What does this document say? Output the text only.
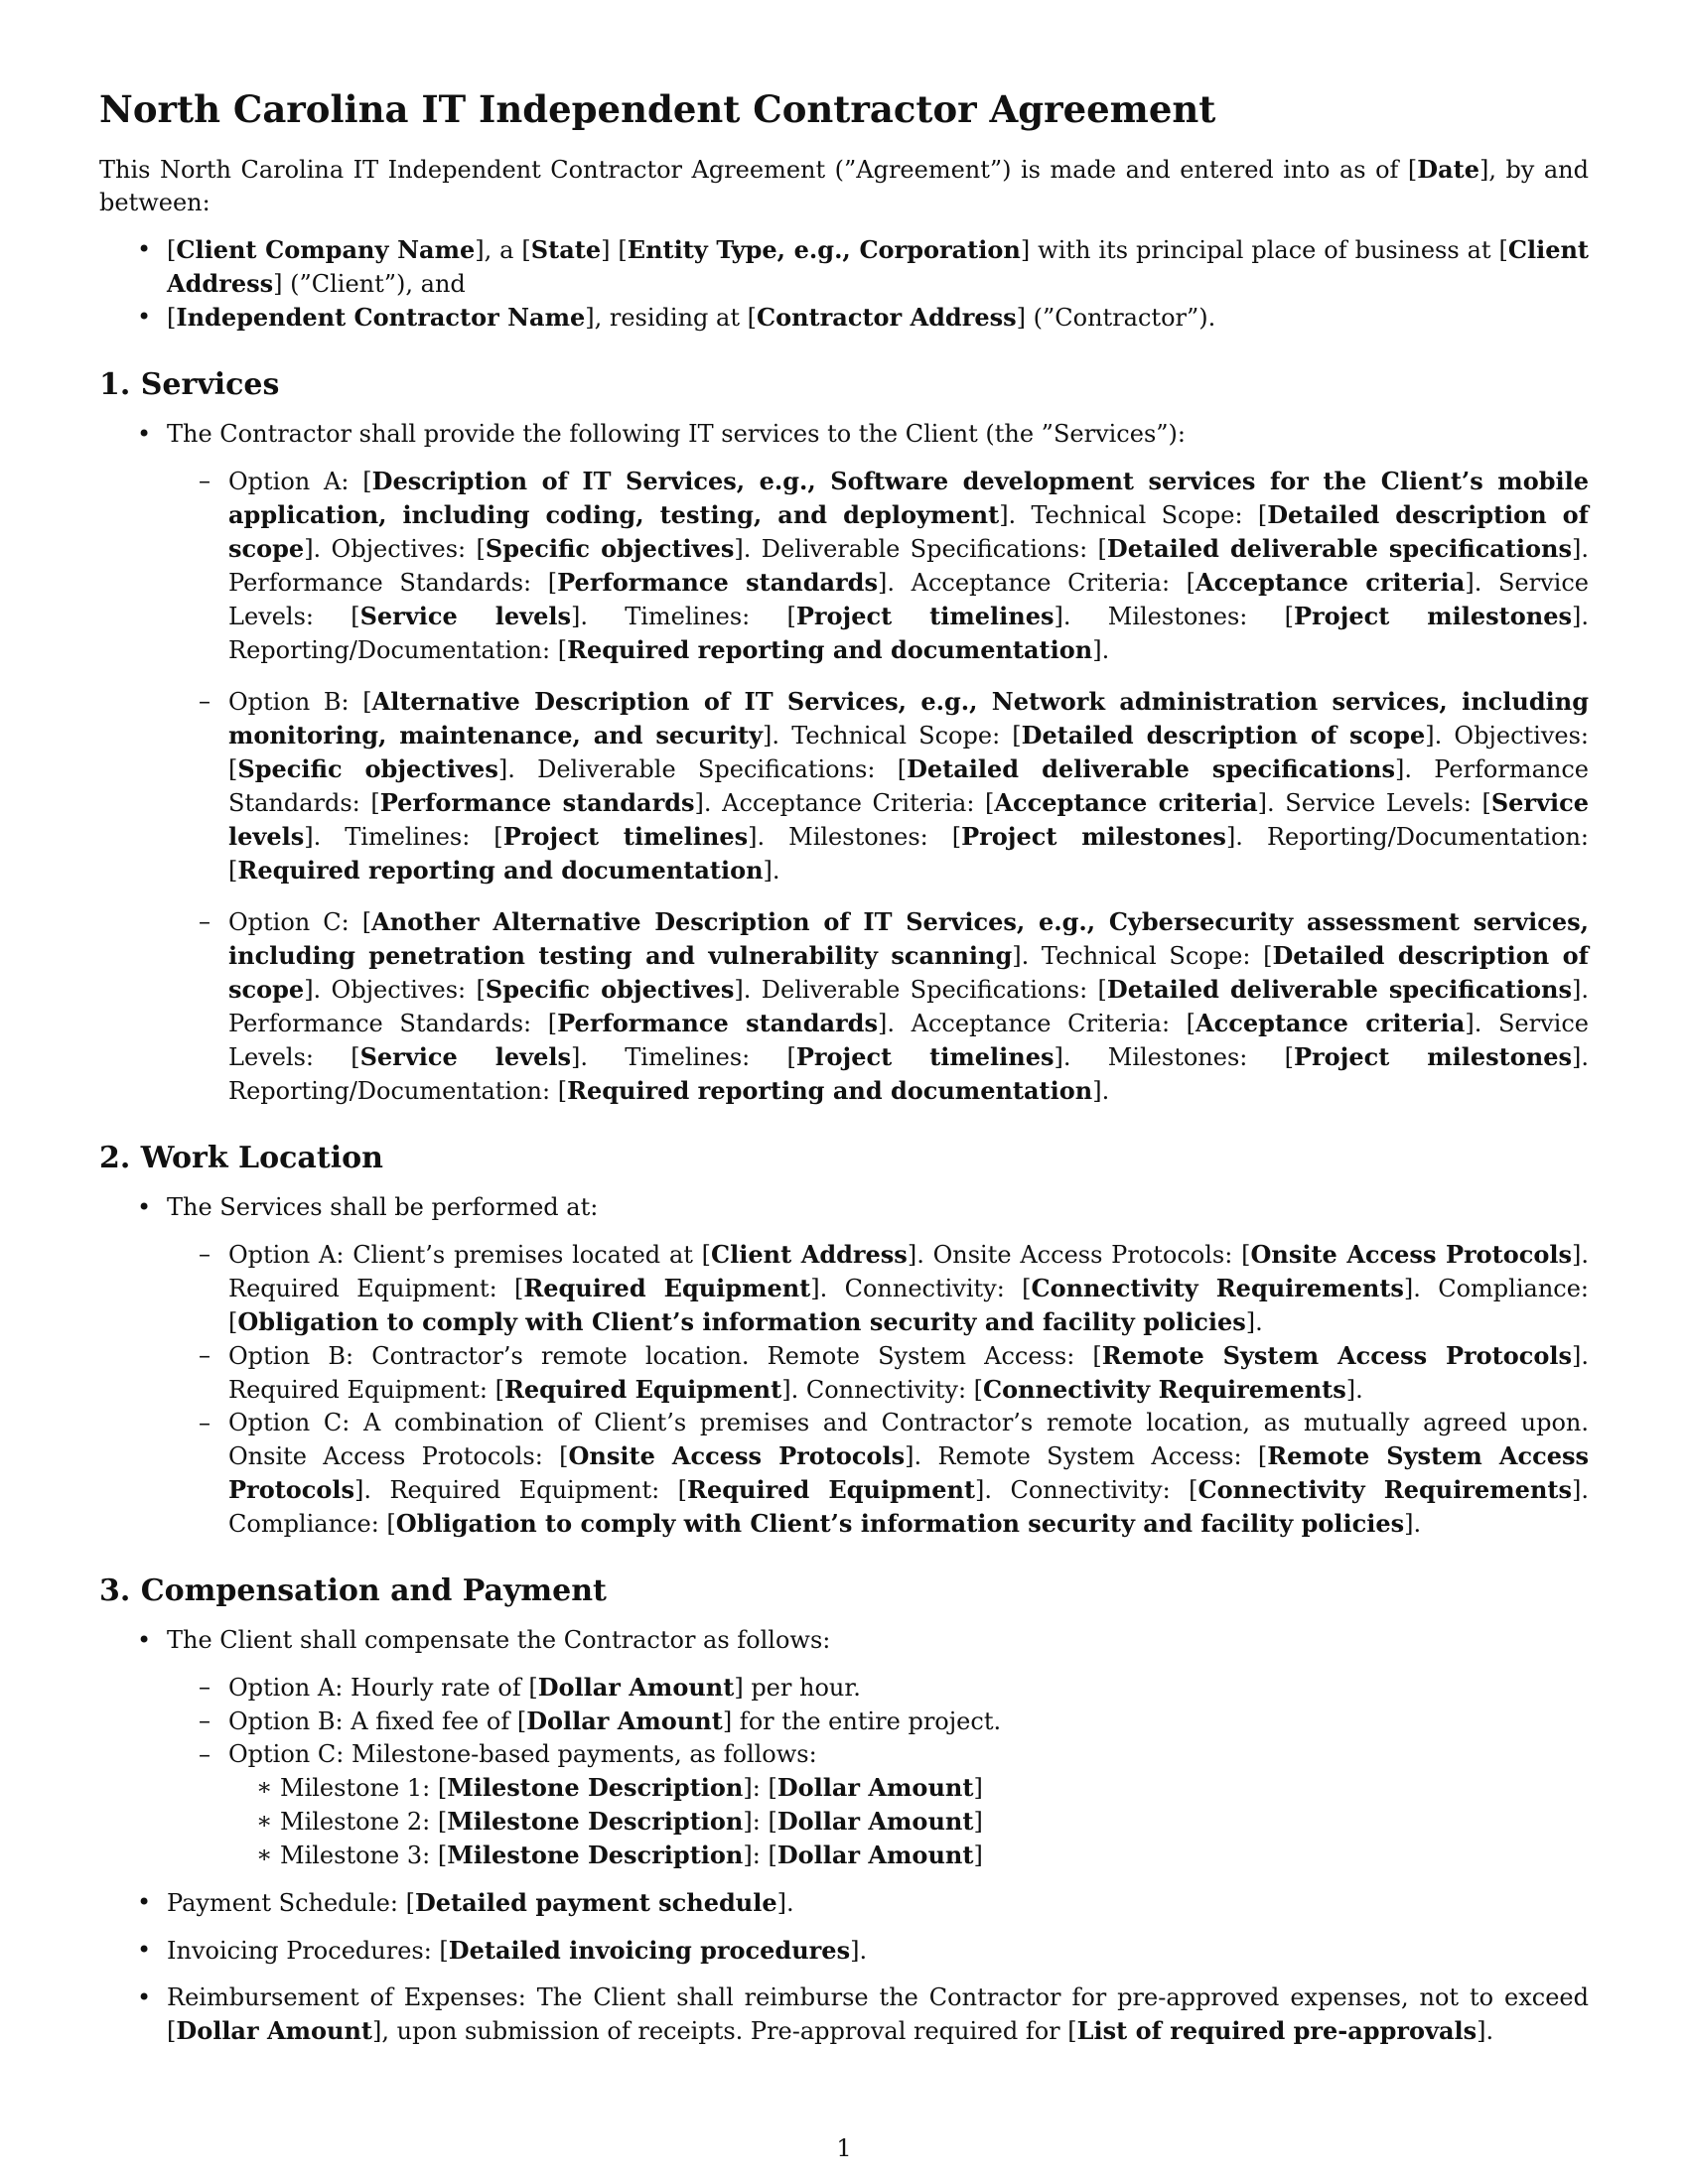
North Carolina IT Independent Contractor Agreement

This North Carolina IT Independent Contractor Agreement (”Agreement”) is made and entered into as of [Date], by and between:

• [Client Company Name], a [State] [Entity Type, e.g., Corporation] with its principal place of business at [Client Address] (”Client”), and
• [Independent Contractor Name], residing at [Contractor Address] (”Contractor”).
1. Services
• The Contractor shall provide the following IT services to the Client (the ”Services”):
– Option A: [Description of IT Services, e.g., Software development services for the Client’s mobile application, including coding, testing, and deployment]. Technical Scope: [Detailed description of scope]. Objectives: [Specific objectives]. Deliverable Specifications: [Detailed deliverable specifications]. Performance Standards: [Performance standards]. Acceptance Criteria: [Acceptance criteria]. Service Levels: [Service levels]. Timelines: [Project timelines]. Milestones: [Project milestones]. Reporting/Documentation: [Required reporting and documentation].
– Option B: [Alternative Description of IT Services, e.g., Network administration services, including monitoring, maintenance, and security]. Technical Scope: [Detailed description of scope]. Objectives: [Specific objectives]. Deliverable Specifications: [Detailed deliverable specifications]. Performance Standards: [Performance standards]. Acceptance Criteria: [Acceptance criteria]. Service Levels: [Service levels]. Timelines: [Project timelines]. Milestones: [Project milestones]. Reporting/Documentation: [Required reporting and documentation].
– Option C: [Another Alternative Description of IT Services, e.g., Cybersecurity assessment services, including penetration testing and vulnerability scanning]. Technical Scope: [Detailed description of scope]. Objectives: [Specific objectives]. Deliverable Specifications: [Detailed deliverable specifications]. Performance Standards: [Performance standards]. Acceptance Criteria: [Acceptance criteria]. Service Levels: [Service levels]. Timelines: [Project timelines]. Milestones: [Project milestones]. Reporting/Documentation: [Required reporting and documentation].
2. Work Location
• The Services shall be performed at:
– Option A: Client’s premises located at [Client Address]. Onsite Access Protocols: [Onsite Access Protocols]. Required Equipment: [Required Equipment]. Connectivity: [Connectivity Requirements]. Compliance: [Obligation to comply with Client’s information security and facility policies].
– Option B: Contractor’s remote location. Remote System Access: [Remote System Access Protocols]. Required Equipment: [Required Equipment]. Connectivity: [Connectivity Requirements].
– Option C: A combination of Client’s premises and Contractor’s remote location, as mutually agreed upon. Onsite Access Protocols: [Onsite Access Protocols]. Remote System Access: [Remote System Access Protocols]. Required Equipment: [Required Equipment]. Connectivity: [Connectivity Requirements]. Compliance: [Obligation to comply with Client’s information security and facility policies].
3. Compensation and Payment
• The Client shall compensate the Contractor as follows:
– Option A: Hourly rate of [Dollar Amount] per hour.
– Option B: A fixed fee of [Dollar Amount] for the entire project.
– Option C: Milestone-based payments, as follows:
∗ Milestone 1: [Milestone Description]: [Dollar Amount]
∗ Milestone 2: [Milestone Description]: [Dollar Amount]
∗ Milestone 3: [Milestone Description]: [Dollar Amount]
• Payment Schedule: [Detailed payment schedule].
• Invoicing Procedures: [Detailed invoicing procedures].
• Reimbursement of Expenses: The Client shall reimburse the Contractor for pre-approved expenses, not to exceed [Dollar Amount], upon submission of receipts. Pre-approval required for [List of required pre-approvals].
1
